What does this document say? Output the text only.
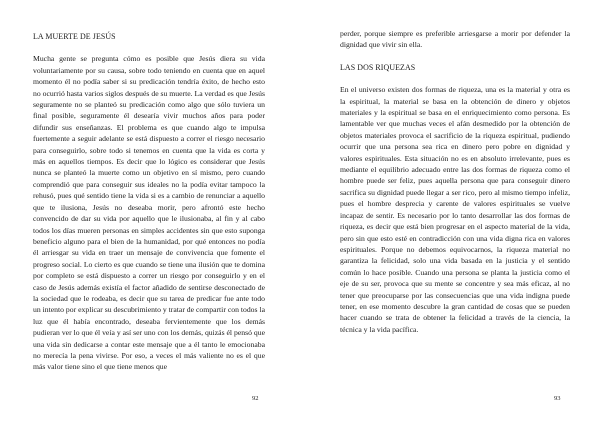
LA MUERTE DE JESÚS

Mucha gente se pregunta cómo es posible que Jesús diera su vida voluntariamente por su causa, sobre todo teniendo en cuenta que en aquel momento él no podía saber si su predicación tendría éxito, de hecho esto no ocurrió hasta varios siglos después de su muerte. La verdad es que Jesús seguramente no se planteó su predicación como algo que sólo tuviera un final posible, seguramente él desearía vivir muchos años para poder difundir sus enseñanzas. El problema es que cuando algo te impulsa fuertemente a seguir adelante se está dispuesto a correr el riesgo necesario para conseguirlo, sobre todo si tenemos en cuenta que la vida es corta y más en aquellos tiempos. Es decir que lo lógico es considerar que Jesús nunca se planteó la muerte como un objetivo en sí mismo, pero cuando comprendió que para conseguir sus ideales no la podía evitar tampoco la rehusó, pues qué sentido tiene la vida si es a cambio de renunciar a aquello que te ilusiona, Jesús no deseaba morir, pero afrontó este hecho convencido de dar su vida por aquello que le ilusionaba, al fin y al cabo todos los días mueren personas en simples accidentes sin que esto suponga beneficio alguno para el bien de la humanidad, por qué entonces no podía él arriesgar su vida en traer un mensaje de convivencia que fomente el progreso social. Lo cierto es que cuando se tiene una ilusión que te domina por completo se está dispuesto a correr un riesgo por conseguirlo y en el caso de Jesús además existía el factor añadido de sentirse desconectado de la sociedad que le rodeaba, es decir que su tarea de predicar fue ante todo un intento por explicar su descubrimiento y tratar de compartir con todos la luz que él había encontrado, deseaba fervientemente que los demás pudieran ver lo que él veía y así ser uno con los demás, quizás él pensó que una vida sin dedicarse a contar este mensaje que a él tanto le emocionaba no merecía la pena vivirse. Por eso, a veces el más valiente no es el que más valor tiene sino el que tiene menos que

92

perder, porque siempre es preferible arriesgarse a morir por defender la dignidad que vivir sin ella.

LAS DOS RIQUEZAS

En el universo existen dos formas de riqueza, una es la material y otra es la espiritual, la material se basa en la obtención de dinero y objetos materiales y la espiritual se basa en el enriquecimiento como persona. Es lamentable ver que muchas veces el afán desmedido por la obtención de objetos materiales provoca el sacrificio de la riqueza espiritual, pudiendo ocurrir que una persona sea rica en dinero pero pobre en dignidad y valores espirituales. Esta situación no es en absoluto irrelevante, pues es mediante el equilibrio adecuado entre las dos formas de riqueza como el hombre puede ser feliz, pues aquella persona que para conseguir dinero sacrifica su dignidad puede llegar a ser rico, pero al mismo tiempo infeliz, pues el hombre desprecia y carente de valores espirituales se vuelve incapaz de sentir. Es necesario por lo tanto desarrollar las dos formas de riqueza, es decir que está bien progresar en el aspecto material de la vida, pero sin que esto esté en contradicción con una vida digna rica en valores espirituales. Porque no debemos equivocarnos, la riqueza material no garantiza la felicidad, solo una vida basada en la justicia y el sentido común lo hace posible. Cuando una persona se planta la justicia como el eje de su ser, provoca que su mente se concentre y sea más eficaz, al no tener que preocuparse por las consecuencias que una vida indigna puede tener, en ese momento descubre la gran cantidad de cosas que se pueden hacer cuando se trata de obtener la felicidad a través de la ciencia, la técnica y la vida pacífica.

93
